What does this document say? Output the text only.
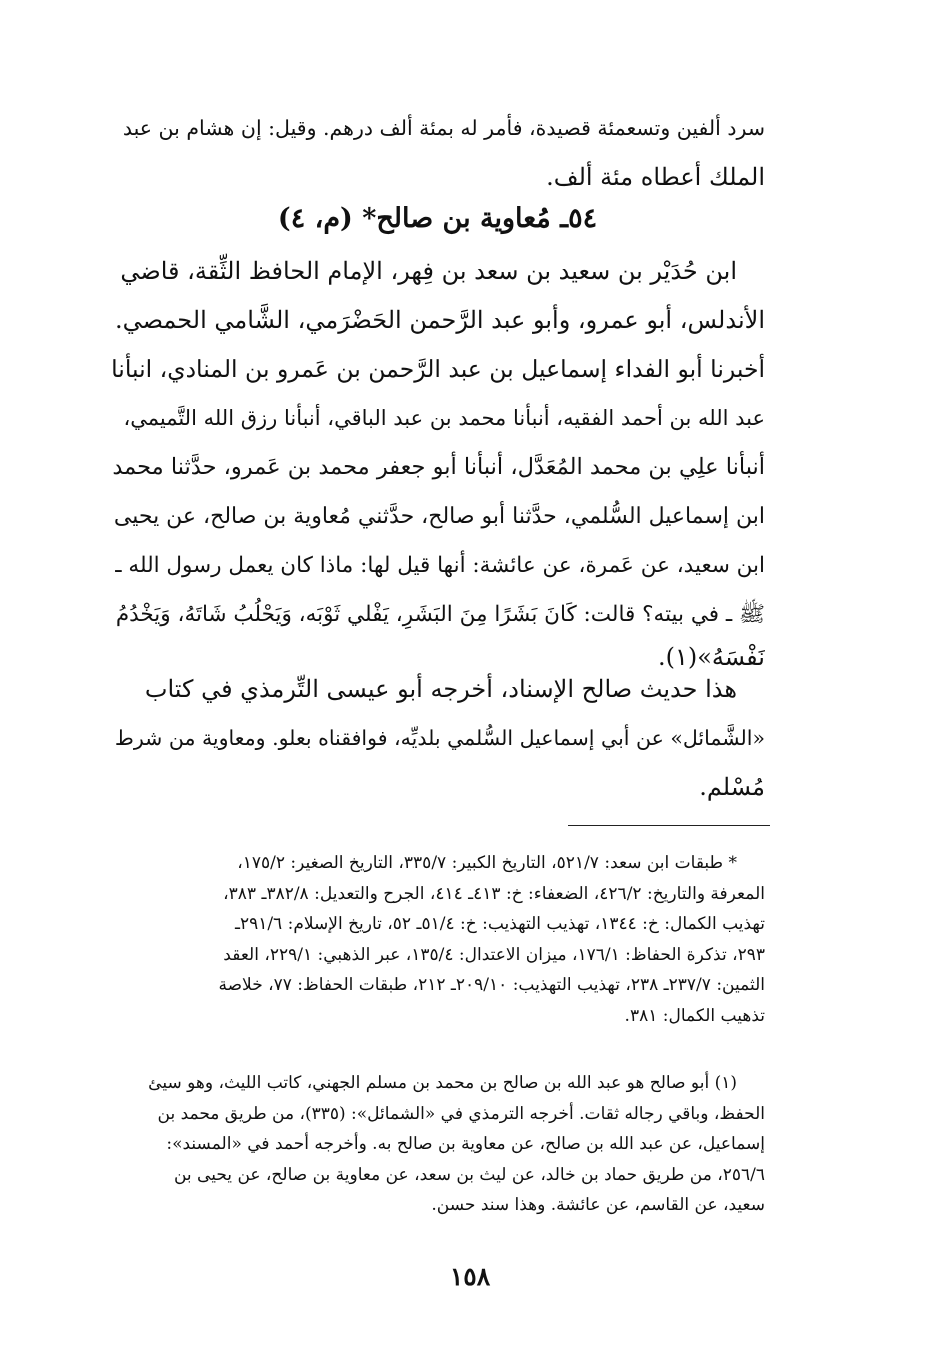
سرد ألفين وتسعمئة قصيدة، فأمر له بمئة ألف درهم. وقيل: إن هشام بن عبد
الملك أعطاه مئة ألف.
٥٤ـ مُعاوية بن صالح* (م، ٤)
ابن حُدَيْر بن سعيد بن سعد بن فِهر، الإمام الحافظ الثِّقة، قاضي
الأندلس، أبو عمرو، وأبو عبد الرَّحمن الحَضْرَمي، الشَّامي الحمصي.
أخبرنا أبو الفداء إسماعيل بن عبد الرَّحمن بن عَمرو بن المنادي، انبأنا
عبد الله بن أحمد الفقيه، أنبأنا محمد بن عبد الباقي، أنبأنا رزق الله التَّميمي،
أنبأنا علِي بن محمد المُعَدَّل، أنبأنا أبو جعفر محمد بن عَمرو، حدَّثنا محمد
ابن إسماعيل السُّلمي، حدَّثنا أبو صالح، حدَّثني مُعاوية بن صالح، عن يحيى
ابن سعيد، عن عَمرة، عن عائشة: أنها قيل لها: ماذا كان يعمل رسول الله ـ
ﷺ ـ في بيته؟ قالت: كَانَ بَشَرًا مِنَ البَشَرِ، يَفْلي ثَوْبَه، وَيَحْلُبُ شَاتَهُ، وَيَخْدُمُ
نَفْسَهُ»(١).
هذا حديث صالح الإسناد، أخرجه أبو عيسى التِّرمذي في كتاب
«الشَّمائل» عن أبي إسماعيل السُّلمي بلديِّه، فوافقناه بعلو. ومعاوية من شرط
مُسْلم.
* طبقات ابن سعد: ٥٢١/٧، التاريخ الكبير: ٣٣٥/٧، التاريخ الصغير: ١٧٥/٢،
المعرفة والتاريخ: ٤٢٦/٢، الضعفاء: خ: ٤١٣ـ ٤١٤، الجرح والتعديل: ٣٨٢/٨ـ ٣٨٣،
تهذيب الكمال: خ: ١٣٤٤، تهذيب التهذيب: خ: ٥١/٤ـ ٥٢، تاريخ الإسلام: ٢٩١/٦ـ
٢٩٣، تذكرة الحفاظ: ١٧٦/١، ميزان الاعتدال: ١٣٥/٤، عبر الذهبي: ٢٢٩/١، العقد
الثمين: ٢٣٧/٧ـ ٢٣٨، تهذيب التهذيب: ٢٠٩/١٠ـ ٢١٢، طبقات الحفاظ: ٧٧، خلاصة
تذهيب الكمال: ٣٨١.
(١) أبو صالح هو عبد الله بن صالح بن محمد بن مسلم الجهني، كاتب الليث، وهو سيئ
الحفظ، وباقي رجاله ثقات. أخرجه الترمذي في «الشمائل»: (٣٣٥)، من طريق محمد بن
إسماعيل، عن عبد الله بن صالح، عن معاوية بن صالح به. وأخرجه أحمد في «المسند»:
٢٥٦/٦، من طريق حماد بن خالد، عن ليث بن سعد، عن معاوية بن صالح، عن يحيى بن
سعيد، عن القاسم، عن عائشة. وهذا سند حسن.
١٥٨
